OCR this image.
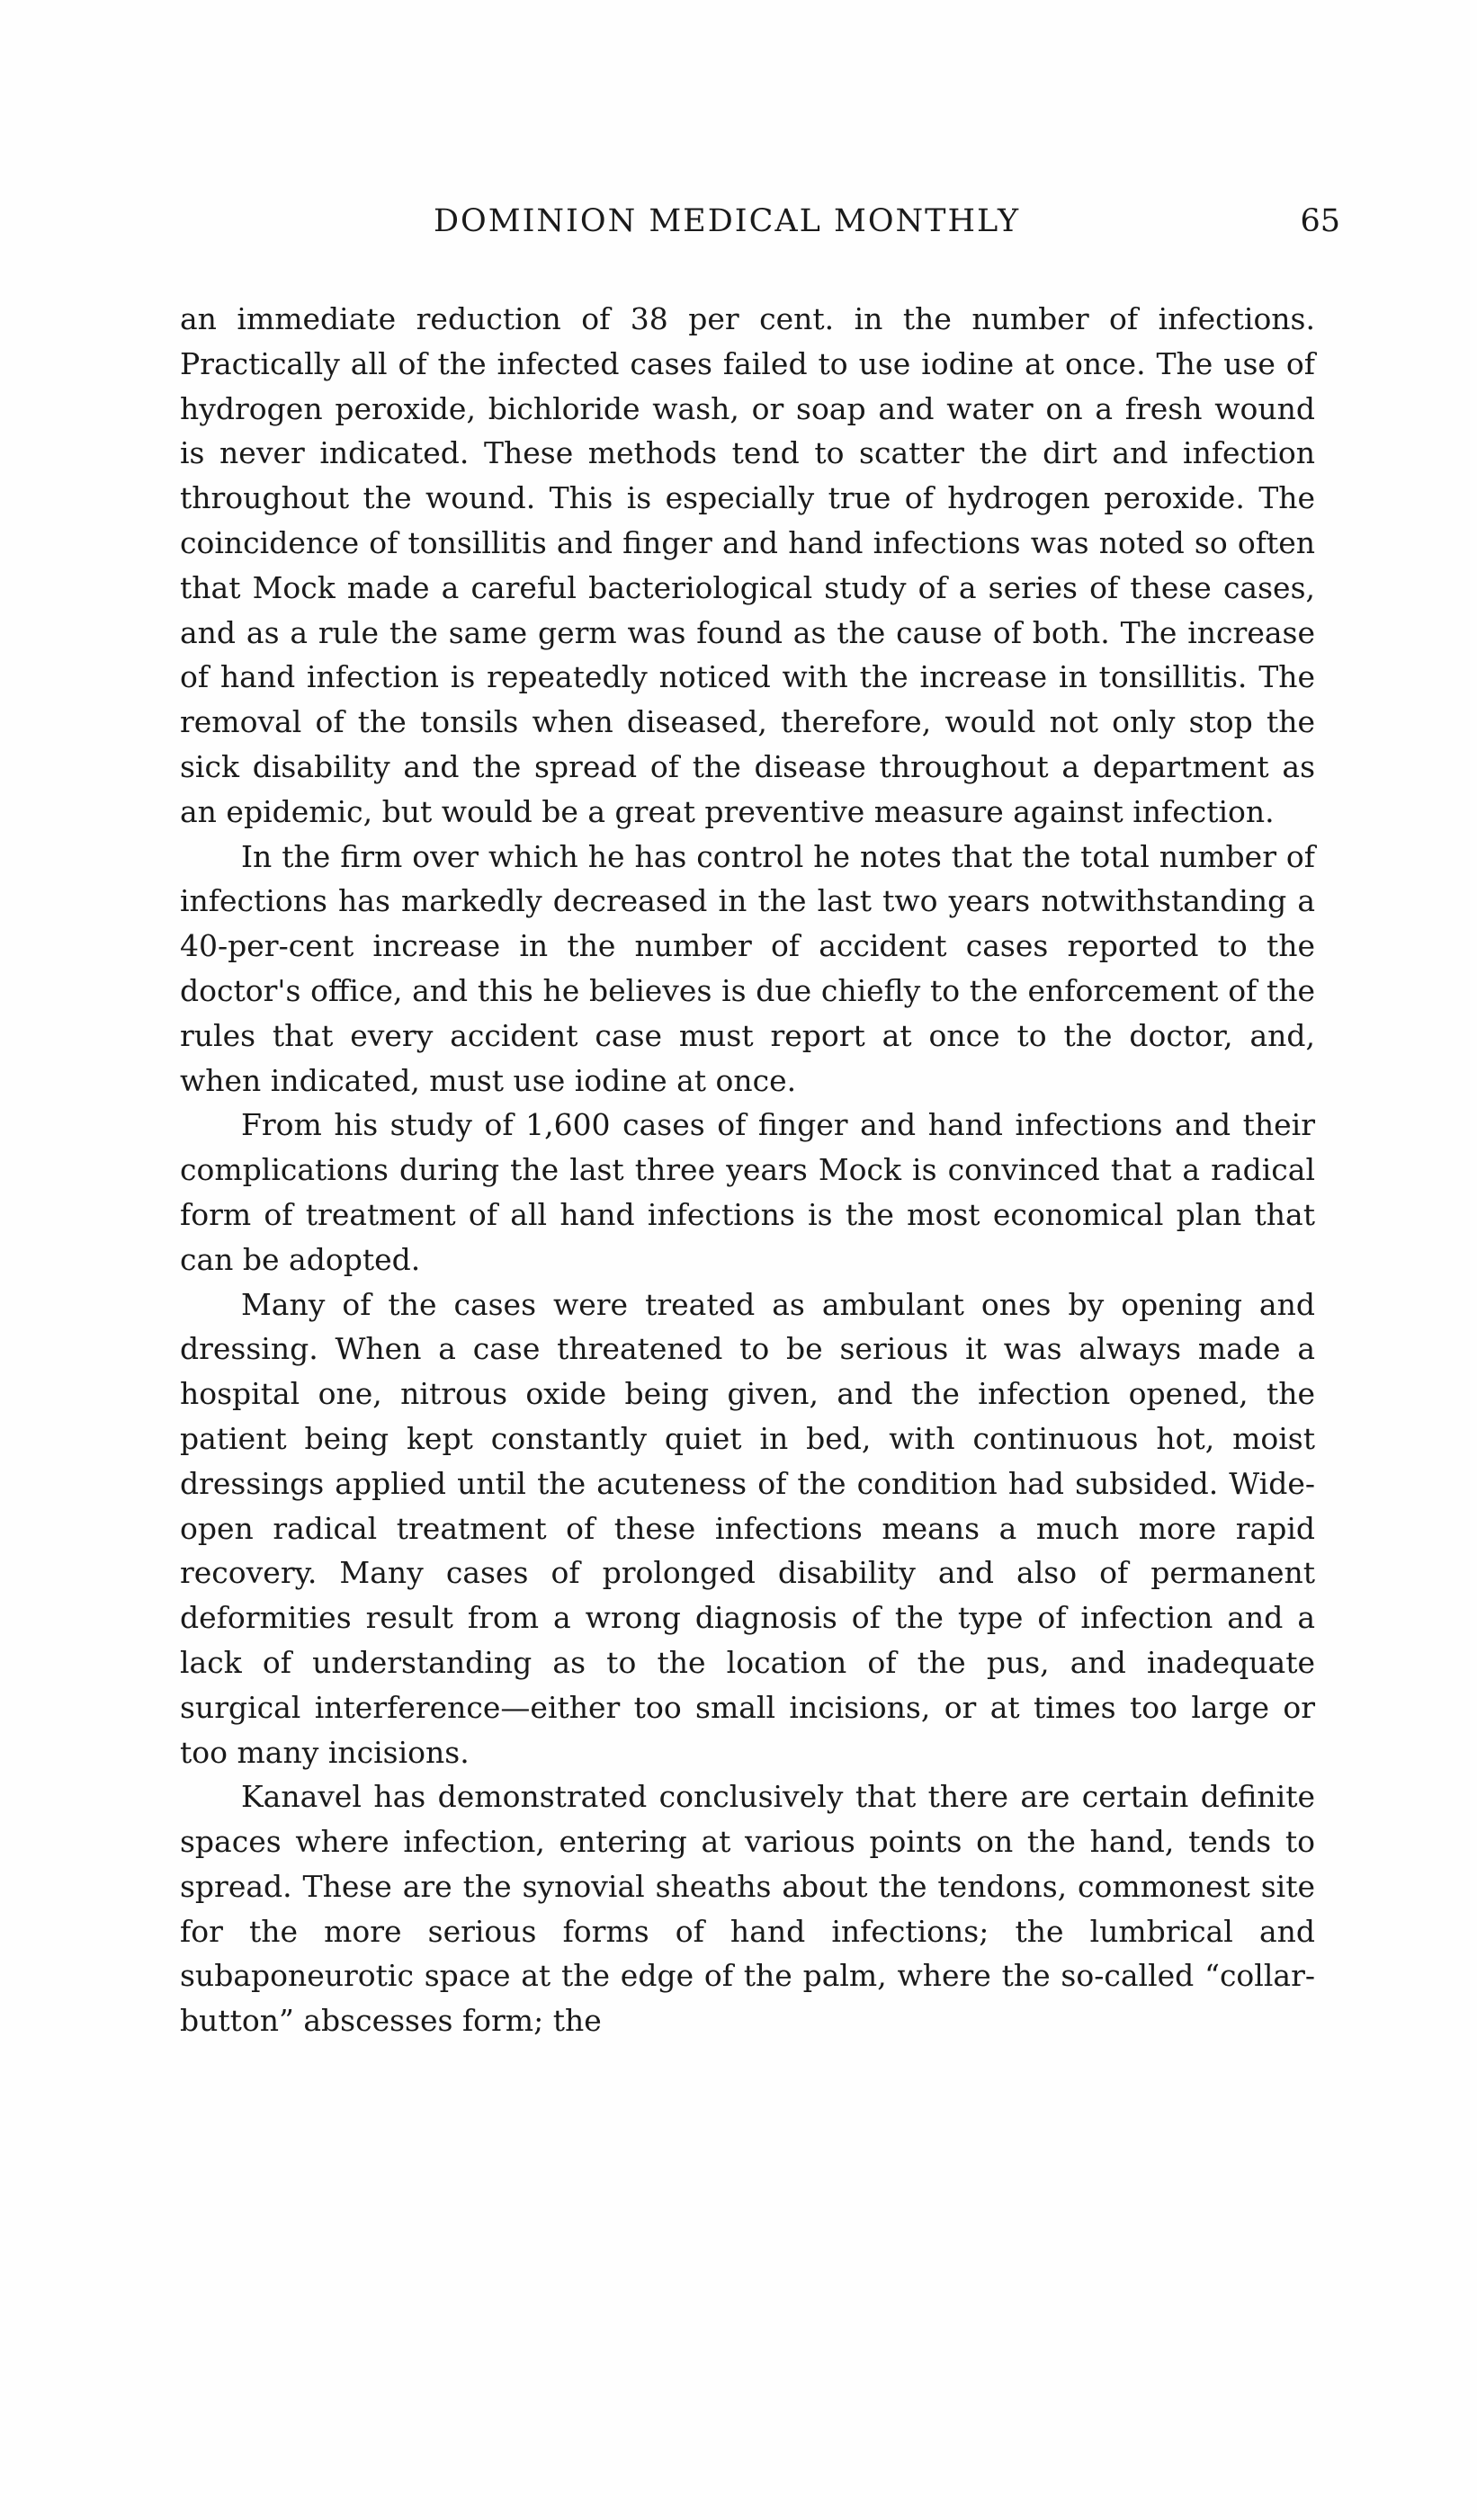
DOMINION MEDICAL MONTHLY	65

an immediate reduction of 38 per cent. in the number of infections. Practically all of the infected cases failed to use iodine at once. The use of hydrogen peroxide, bichloride wash, or soap and water on a fresh wound is never indicated. These methods tend to scatter the dirt and infection throughout the wound. This is especially true of hydrogen peroxide. The coincidence of tonsillitis and finger and hand infections was noted so often that Mock made a careful bacteriological study of a series of these cases, and as a rule the same germ was found as the cause of both. The increase of hand infection is repeatedly noticed with the increase in tonsillitis. The removal of the tonsils when diseased, therefore, would not only stop the sick disability and the spread of the disease throughout a department as an epidemic, but would be a great preventive measure against infection.

In the firm over which he has control he notes that the total number of infections has markedly decreased in the last two years notwithstanding a 40-per-cent increase in the number of accident cases reported to the doctor's office, and this he believes is due chiefly to the enforcement of the rules that every accident case must report at once to the doctor, and, when indicated, must use iodine at once.

From his study of 1,600 cases of finger and hand infections and their complications during the last three years Mock is convinced that a radical form of treatment of all hand infections is the most economical plan that can be adopted.

Many of the cases were treated as ambulant ones by opening and dressing. When a case threatened to be serious it was always made a hospital one, nitrous oxide being given, and the infection opened, the patient being kept constantly quiet in bed, with continuous hot, moist dressings applied until the acuteness of the condition had subsided. Wide-open radical treatment of these infections means a much more rapid recovery. Many cases of prolonged disability and also of permanent deformities result from a wrong diagnosis of the type of infection and a lack of understanding as to the location of the pus, and inadequate surgical interference—either too small incisions, or at times too large or too many incisions.

Kanavel has demonstrated conclusively that there are certain definite spaces where infection, entering at various points on the hand, tends to spread. These are the synovial sheaths about the tendons, commonest site for the more serious forms of hand infections; the lumbrical and subaponeurotic space at the edge of the palm, where the so-called “collar-button” abscesses form; the
